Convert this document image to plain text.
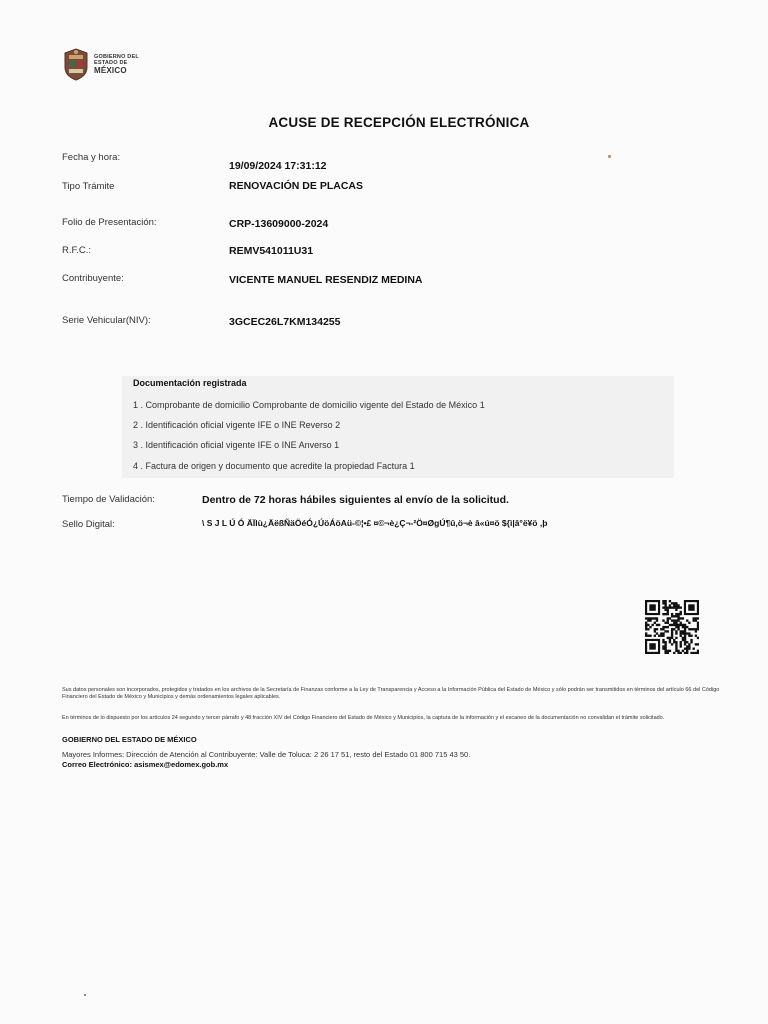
GOBIERNO DEL
ESTADO DE
MÉXICO
ACUSE DE RECEPCIÓN ELECTRÓNICA
Fecha y hora:
19/09/2024 17:31:12
Tipo Trámite	RENOVACIÓN DE PLACAS
Folio de Presentación:	CRP-13609000-2024
R.F.C.:	REMV541011U31
Contribuyente:	VICENTE MANUEL RESENDIZ MEDINA
Serie Vehicular(NIV):	3GCEC26L7KM134255
Documentación registrada
1 . Comprobante de domicilio Comprobante de domicilio vigente del Estado de México 1
2 . Identificación oficial vigente IFE o INE Reverso 2
3 . Identificación oficial vigente IFE o INE Anverso 1
4 . Factura de origen y documento que acredite la propiedad Factura 1
Tiempo de Validación:	Dentro de 72 horas hábiles siguientes al envío de la solicitud.
Sello Digital:	\ S J L Ú Ó ÄÏlù¿ÄëßÑäÖéÓ¿ÚöÁöAü-©¦•£ ¤©¬è¿Ç¬-²Ö¤ØgÚ¶û,ö¬è â«ú¤ö ${ì|â°ë¥ö ,þ
Sus datos personales son incorporados, protegidos y tratados en los archivos de la Secretaría de Finanzas conforme a la Ley de Transparencia y Acceso a la Información Pública del Estado de México y sólo podrán ser transmitidos en términos del artículo 66 del Código Financiero del Estado de México y Municipios y demás ordenamientos legales aplicables.
En términos de lo dispuesto por los artículos 24 segundo y tercer párrafo y 48 fracción XIV del Código Financiero del Estado de México y Municipios, la captura de la información y el escaneo de la documentación no convalidan el trámite solicitado.
GOBIERNO DEL ESTADO DE MÉXICO
Mayores Informes: Dirección de Atención al Contribuyente: Valle de Toluca: 2 26 17 51, resto del Estado 01 800 715 43 50.
Correo Electrónico: asismex@edomex.gob.mx
